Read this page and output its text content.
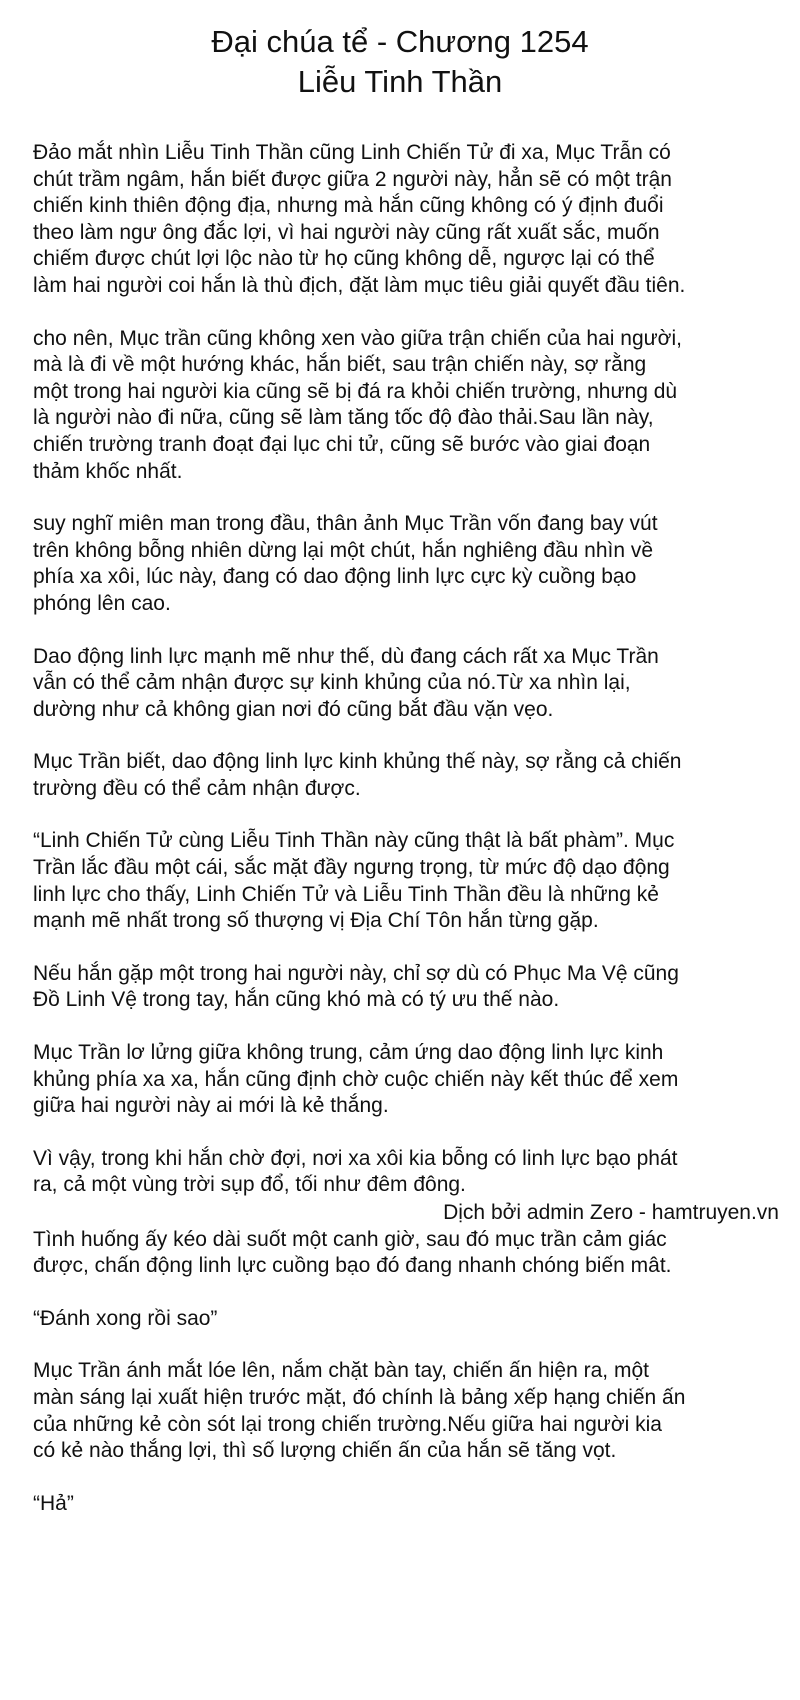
Đại chúa tể - Chương 1254
Liễu Tinh Thần

Đảo mắt nhìn Liễu Tinh Thần cũng Linh Chiến Tử đi xa, Mục Trẫn có
chút trầm ngâm, hắn biết được giữa 2 người này, hẳn sẽ có một trận
chiến kinh thiên động địa, nhưng mà hắn cũng không có ý định đuổi
theo làm ngư ông đắc lợi, vì hai người này cũng rất xuất sắc, muốn
chiếm được chút lợi lộc nào từ họ cũng không dễ, ngược lại có thể
làm hai người coi hắn là thù địch, đặt làm mục tiêu giải quyết đầu tiên.

cho nên, Mục trần cũng không xen vào giữa trận chiến của hai người,
mà là đi về một hướng khác, hắn biết, sau trận chiến này, sợ rằng
một trong hai người kia cũng sẽ bị đá ra khỏi chiến trường, nhưng dù
là người nào đi nữa, cũng sẽ làm tăng tốc độ đào thải.Sau lần này,
chiến trường tranh đoạt đại lục chi tử, cũng sẽ bước vào giai đoạn
thảm khốc nhất.

suy nghĩ miên man trong đầu, thân ảnh Mục Trần vốn đang bay vút
trên không bỗng nhiên dừng lại một chút, hắn nghiêng đầu nhìn về
phía xa xôi, lúc này, đang có dao động linh lực cực kỳ cuồng bạo
phóng lên cao.

Dao động linh lực mạnh mẽ như thế, dù đang cách rất xa Mục Trần
vẫn có thể cảm nhận được sự kinh khủng của nó.Từ xa nhìn lại,
dường như cả không gian nơi đó cũng bắt đầu vặn vẹo.

Mục Trần biết, dao động linh lực kinh khủng thế này, sợ rằng cả chiến
trường đều có thể cảm nhận được.

“Linh Chiến Tử cùng Liễu Tinh Thần này cũng thật là bất phàm”. Mục
Trần lắc đầu một cái, sắc mặt đầy ngưng trọng, từ mức độ dạo động
linh lực cho thấy, Linh Chiến Tử và Liễu Tinh Thần đều là những kẻ
mạnh mẽ nhất trong số thượng vị Địa Chí Tôn hắn từng gặp.

Nếu hắn gặp một trong hai người này, chỉ sợ dù có Phục Ma Vệ cũng
Đồ Linh Vệ trong tay, hắn cũng khó mà có tý ưu thế nào.

Mục Trần lơ lửng giữa không trung, cảm ứng dao động linh lực kinh
khủng phía xa xa, hắn cũng định chờ cuộc chiến này kết thúc để xem
giữa hai người này ai mới là kẻ thắng.

Vì vậy, trong khi hắn chờ đợi, nơi xa xôi kia bỗng có linh lực bạo phát
ra, cả một vùng trời sụp đổ, tối như đêm đông.
Dịch bởi admin Zero - hamtruyen.vn

Tình huống ấy kéo dài suốt một canh giờ, sau đó mục trần cảm giác
được, chấn động linh lực cuồng bạo đó đang nhanh chóng biến mât.

“Đánh xong rồi sao”

Mục Trần ánh mắt lóe lên, nắm chặt bàn tay, chiến ấn hiện ra, một
màn sáng lại xuất hiện trước mặt, đó chính là bảng xếp hạng chiến ấn
của những kẻ còn sót lại trong chiến trường.Nếu giữa hai người kia
có kẻ nào thắng lợi, thì số lượng chiến ấn của hắn sẽ tăng vọt.

“Hả”
